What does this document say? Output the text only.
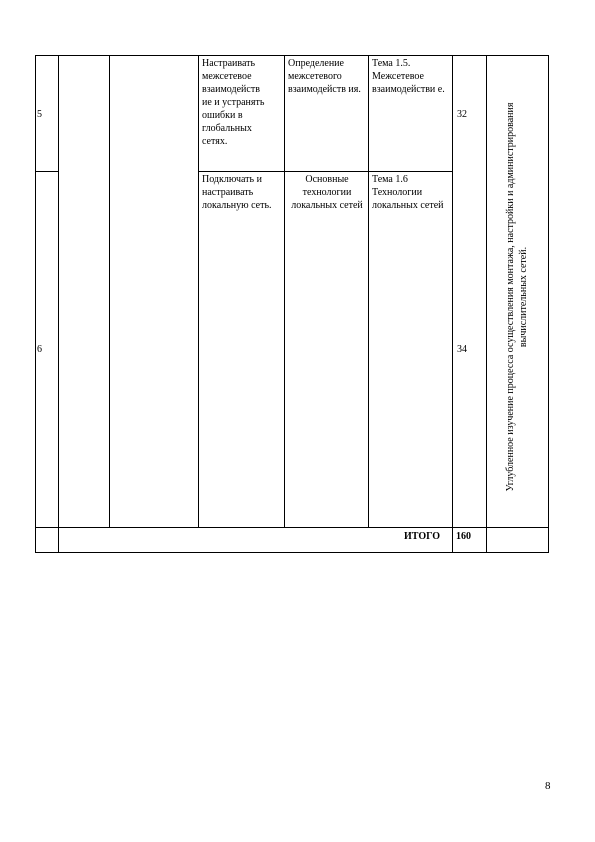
5
Настраивать межсетевое взаимодейств ие и устранять ошибки в глобальных сетях.
Определение межсетевого взаимодейств ия.
Тема 1.5. Межсетевое взаимодействи е.
32
6
Подключать и настраивать локальную сеть.
Основные технологии локальных сетей
Тема 1.6 Технологии локальных сетей
34	Углубленное изучение процесса осуществления монтажа, настройки и администрирования вычислительных сетей.
ИТОГО 160
8
